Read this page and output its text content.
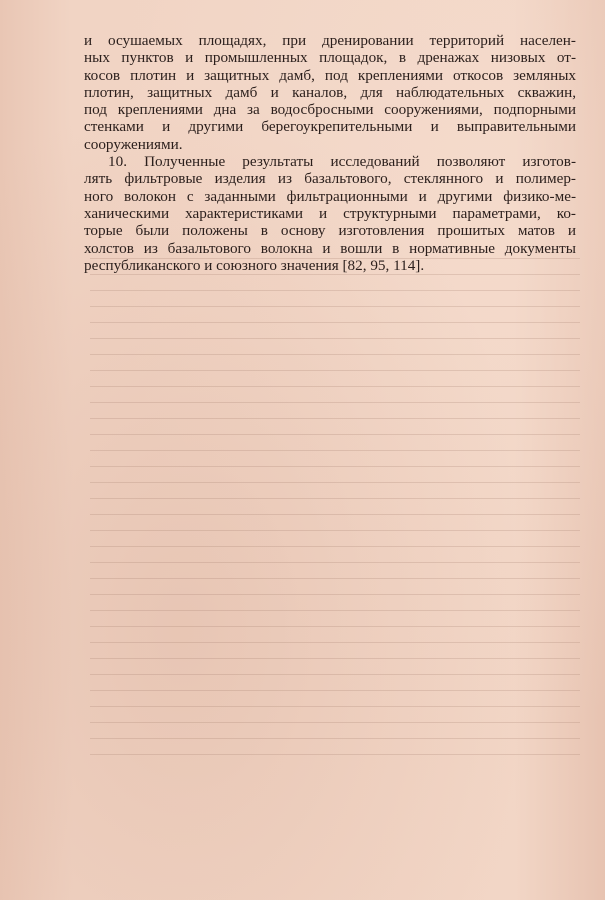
и осушаемых площадях, при дренировании территорий населен-
ных пунктов и промышленных площадок, в дренажах низовых от-
косов плотин и защитных дамб, под креплениями откосов земляных
плотин, защитных дамб и каналов, для наблюдательных скважин,
под креплениями дна за водосбросными сооружениями, подпорными
стенками и другими берегоукрепительными и выправительными
сооружениями.

10. Полученные результаты исследований позволяют изготов-
лять фильтровые изделия из базальтового, стеклянного и полимер-
ного волокон с заданными фильтрационными и другими физико-ме-
ханическими характеристиками и структурными параметрами, ко-
торые были положены в основу изготовления прошитых матов и
холстов из базальтового волокна и вошли в нормативные документы
республиканского и союзного значения [82, 95, 114].
